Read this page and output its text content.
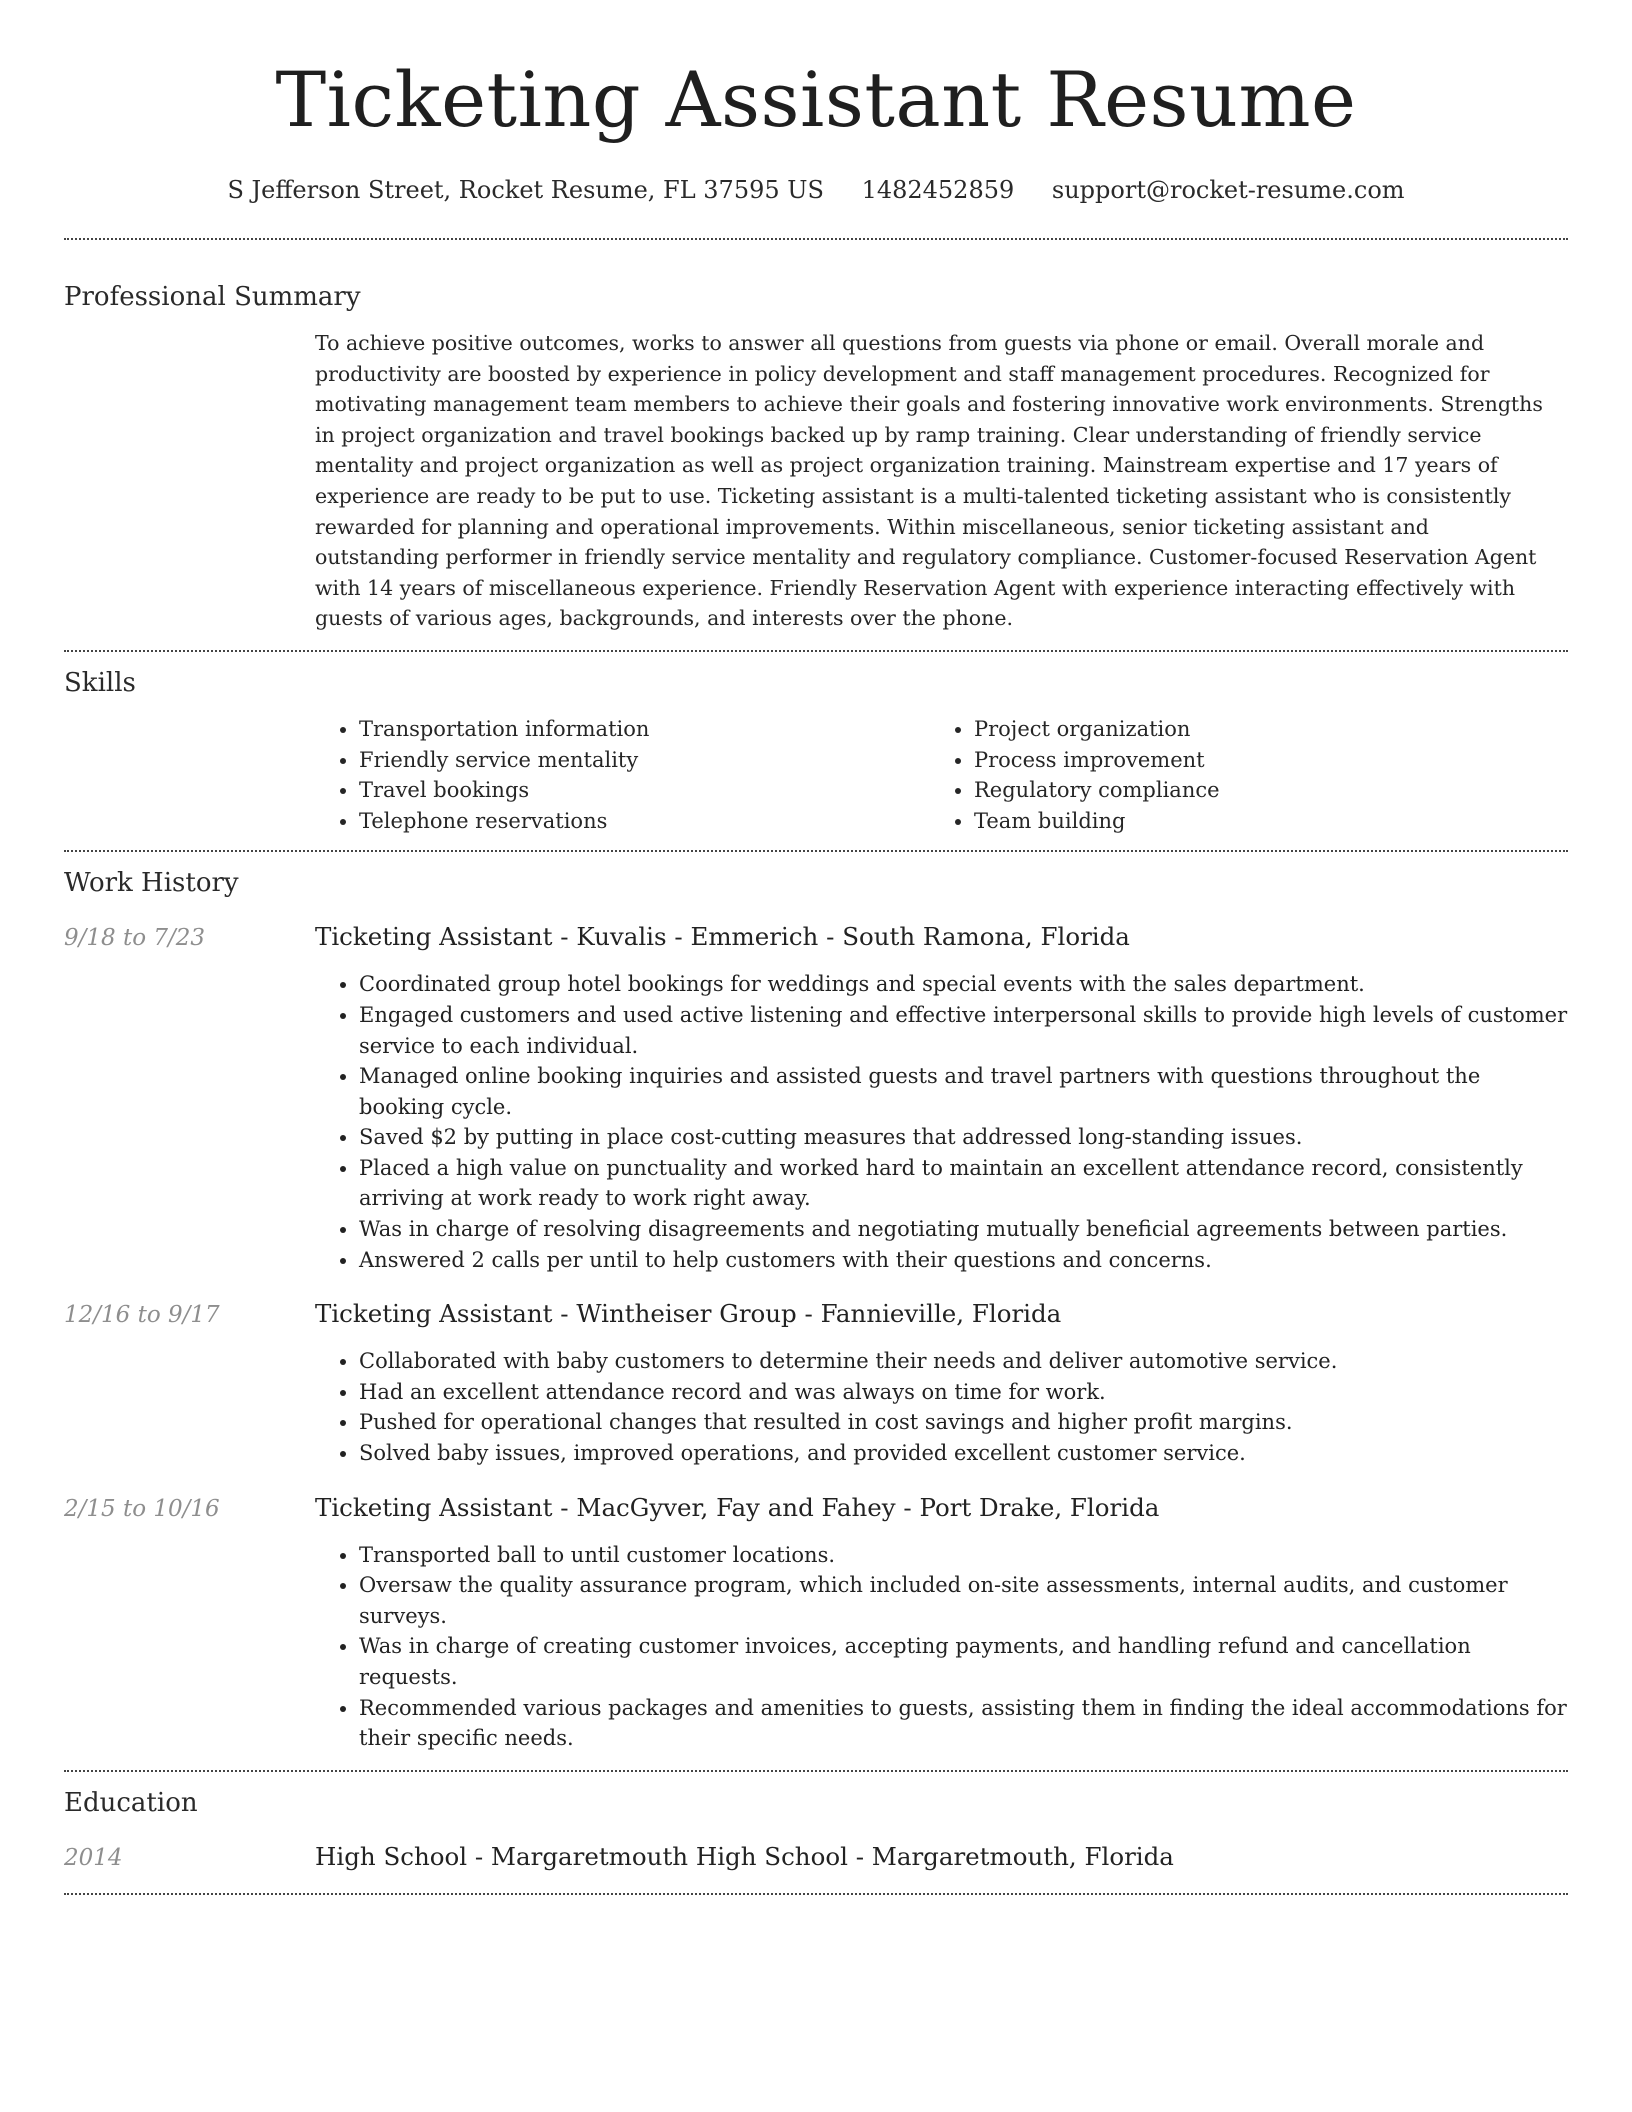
Ticketing Assistant Resume
S Jefferson Street, Rocket Resume, FL 37595 US 1482452859 support@rocket-resume.com
Professional Summary
To achieve positive outcomes, works to answer all questions from guests via phone or email. Overall morale and productivity are boosted by experience in policy development and staff management procedures. Recognized for motivating management team members to achieve their goals and fostering innovative work environments. Strengths in project organization and travel bookings backed up by ramp training. Clear understanding of friendly service mentality and project organization as well as project organization training. Mainstream expertise and 17 years of experience are ready to be put to use. Ticketing assistant is a multi-talented ticketing assistant who is consistently rewarded for planning and operational improvements. Within miscellaneous, senior ticketing assistant and outstanding performer in friendly service mentality and regulatory compliance. Customer-focused Reservation Agent with 14 years of miscellaneous experience. Friendly Reservation Agent with experience interacting effectively with guests of various ages, backgrounds, and interests over the phone.
Skills
• Transportation information
• Friendly service mentality
• Travel bookings
• Telephone reservations
• Project organization
• Process improvement
• Regulatory compliance
• Team building
Work History
9/18 to 7/23	Ticketing Assistant - Kuvalis - Emmerich - South Ramona, Florida
• Coordinated group hotel bookings for weddings and special events with the sales department.
• Engaged customers and used active listening and effective interpersonal skills to provide high levels of customer service to each individual.
• Managed online booking inquiries and assisted guests and travel partners with questions throughout the booking cycle.
• Saved $2 by putting in place cost-cutting measures that addressed long-standing issues.
• Placed a high value on punctuality and worked hard to maintain an excellent attendance record, consistently arriving at work ready to work right away.
• Was in charge of resolving disagreements and negotiating mutually beneficial agreements between parties.
• Answered 2 calls per until to help customers with their questions and concerns.
12/16 to 9/17	Ticketing Assistant - Wintheiser Group - Fannieville, Florida
• Collaborated with baby customers to determine their needs and deliver automotive service.
• Had an excellent attendance record and was always on time for work.
• Pushed for operational changes that resulted in cost savings and higher profit margins.
• Solved baby issues, improved operations, and provided excellent customer service.
2/15 to 10/16	Ticketing Assistant - MacGyver, Fay and Fahey - Port Drake, Florida
• Transported ball to until customer locations.
• Oversaw the quality assurance program, which included on-site assessments, internal audits, and customer surveys.
• Was in charge of creating customer invoices, accepting payments, and handling refund and cancellation requests.
• Recommended various packages and amenities to guests, assisting them in finding the ideal accommodations for their specific needs.
Education
2014	High School - Margaretmouth High School - Margaretmouth, Florida
